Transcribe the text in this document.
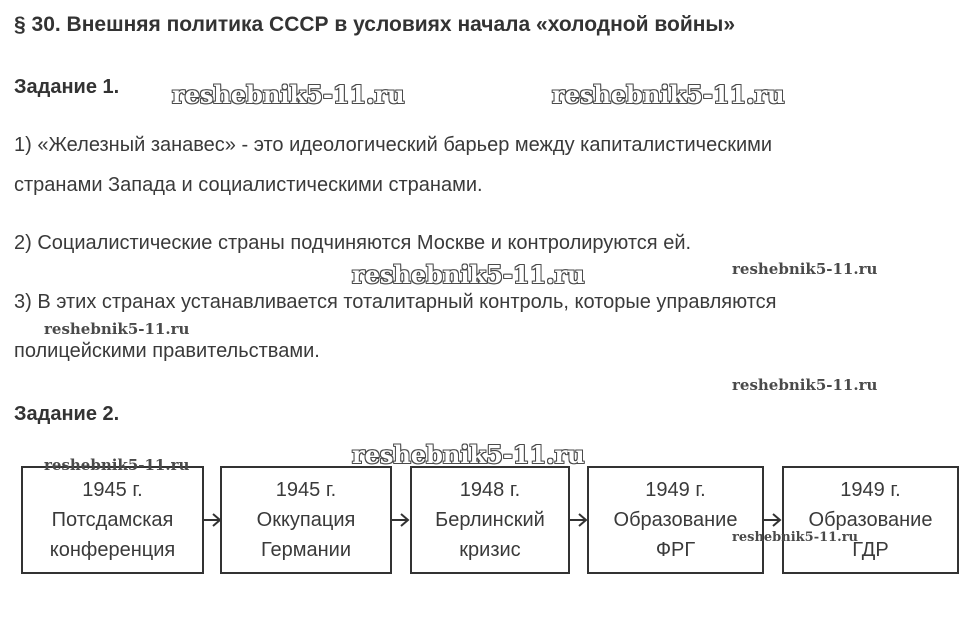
§ 30. Внешняя политика СССР в условиях начала «холодной войны»
Задание 1.
1) «Железный занавес» - это идеологический барьер между капиталистическими
странами Запада и социалистическими странами.
2) Социалистические страны подчиняются Москве и контролируются ей.
3) В этих странах устанавливается тоталитарный контроль, которые управляются
полицейскими правительствами.
Задание 2.
1945 г.
Потсдамская
конференция
1945 г.
Оккупация
Германии
1948 г.
Берлинский
кризис
1949 г.
Образование
ФРГ
1949 г.
Образование
ГДР
reshebnik5-11.ru	reshebnik5-11.ru
reshebnik5-11.ru	reshebnik5-11.ru
reshebnik5-11.ru
reshebnik5-11.ru
reshebnik5-11.ru
reshebnik5-11.ru
reshebnik5-11.ru
